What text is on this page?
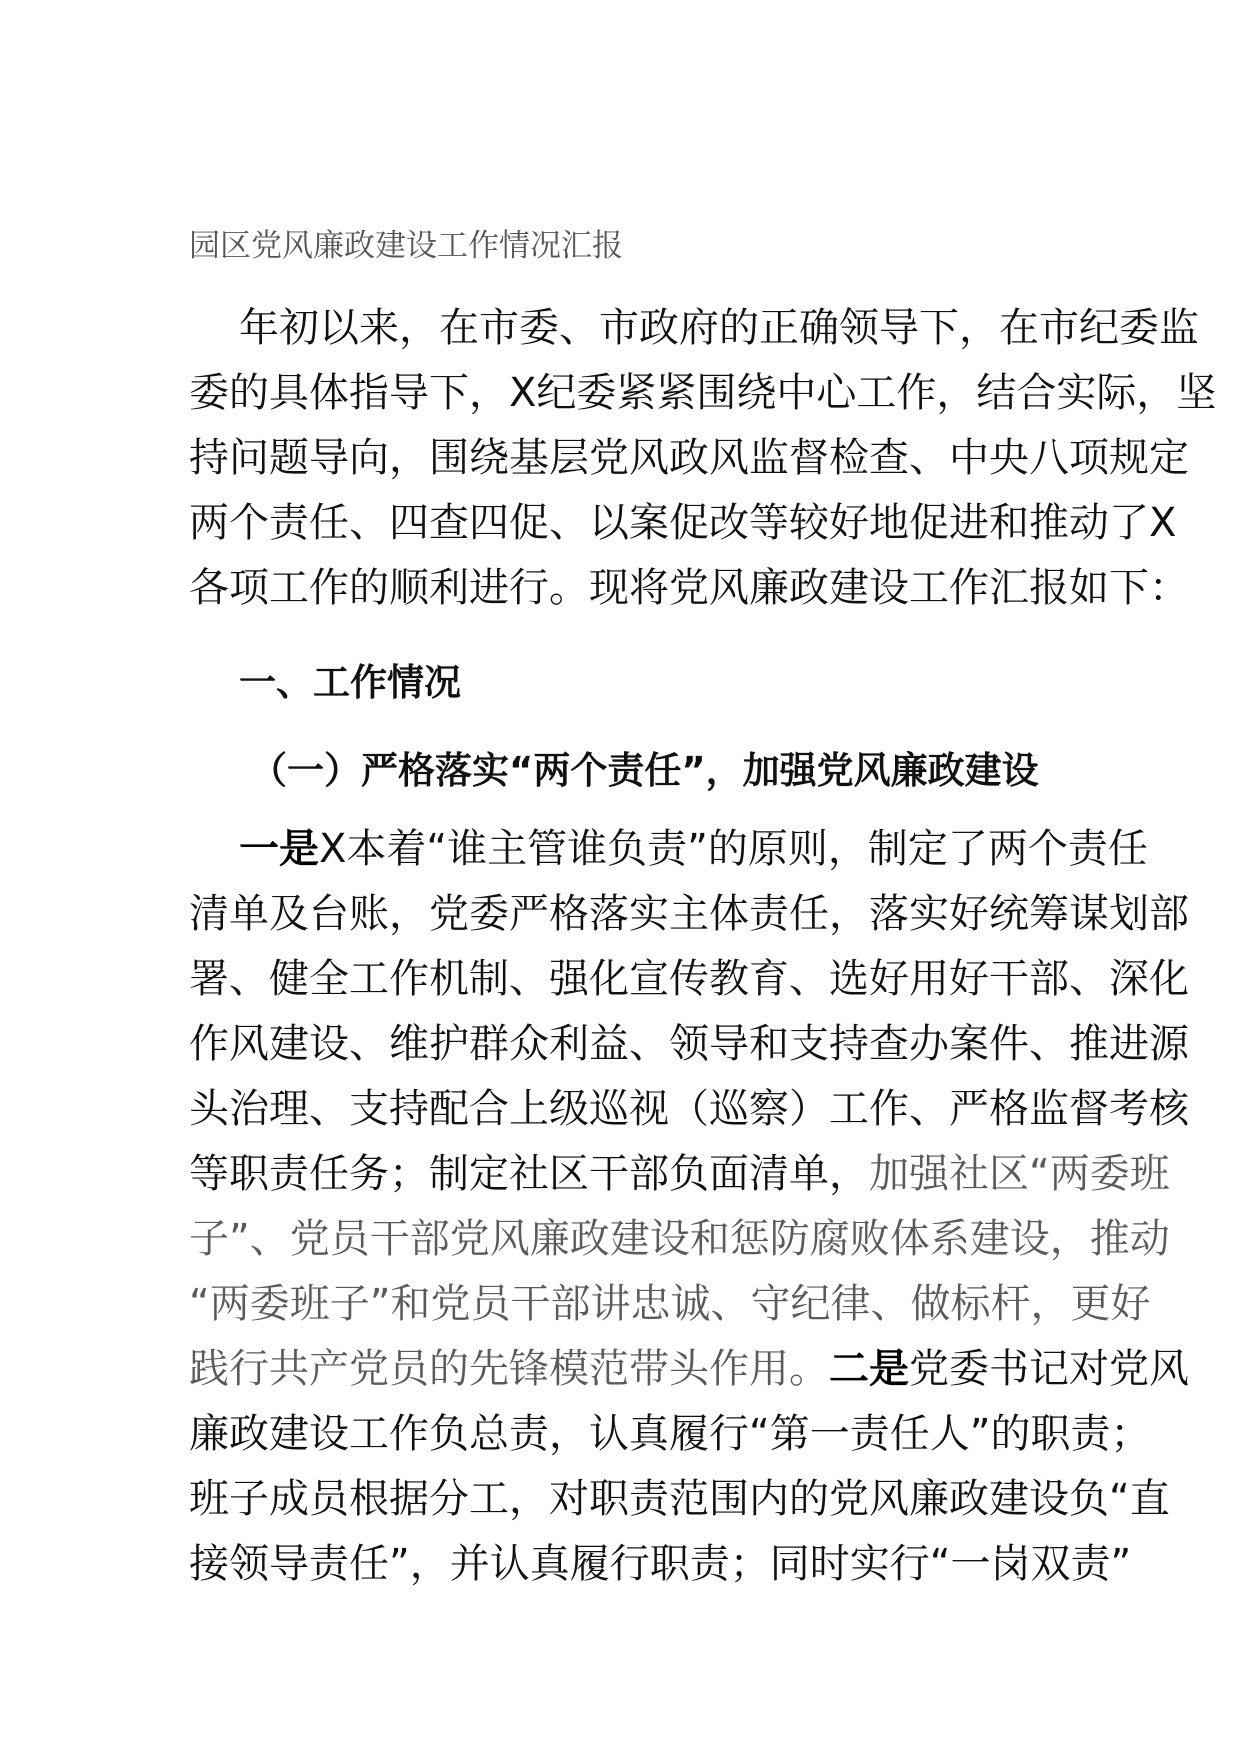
园区党风廉政建设工作情况汇报
年初以来，在市委、市政府的正确领导下，在市纪委监
委的具体指导下，X纪委紧紧围绕中心工作，结合实际，坚
持问题导向，围绕基层党风政风监督检查、中央八项规定
两个责任、四查四促、以案促改等较好地促进和推动了X
各项工作的顺利进行。现将党风廉政建设工作汇报如下：
一、工作情况
（一）严格落实“两个责任”，加强党风廉政建设
一是X本着“谁主管谁负责”的原则，制定了两个责任
清单及台账，党委严格落实主体责任，落实好统筹谋划部
署、健全工作机制、强化宣传教育、选好用好干部、深化
作风建设、维护群众利益、领导和支持查办案件、推进源
头治理、支持配合上级巡视（巡察）工作、严格监督考核
等职责任务；制定社区干部负面清单，加强社区“两委班
子”、党员干部党风廉政建设和惩防腐败体系建设，推动
“两委班子”和党员干部讲忠诚、守纪律、做标杆，更好
践行共产党员的先锋模范带头作用。二是党委书记对党风
廉政建设工作负总责，认真履行“第一责任人”的职责；
班子成员根据分工，对职责范围内的党风廉政建设负“直
接领导责任”，并认真履行职责；同时实行“一岗双责”
